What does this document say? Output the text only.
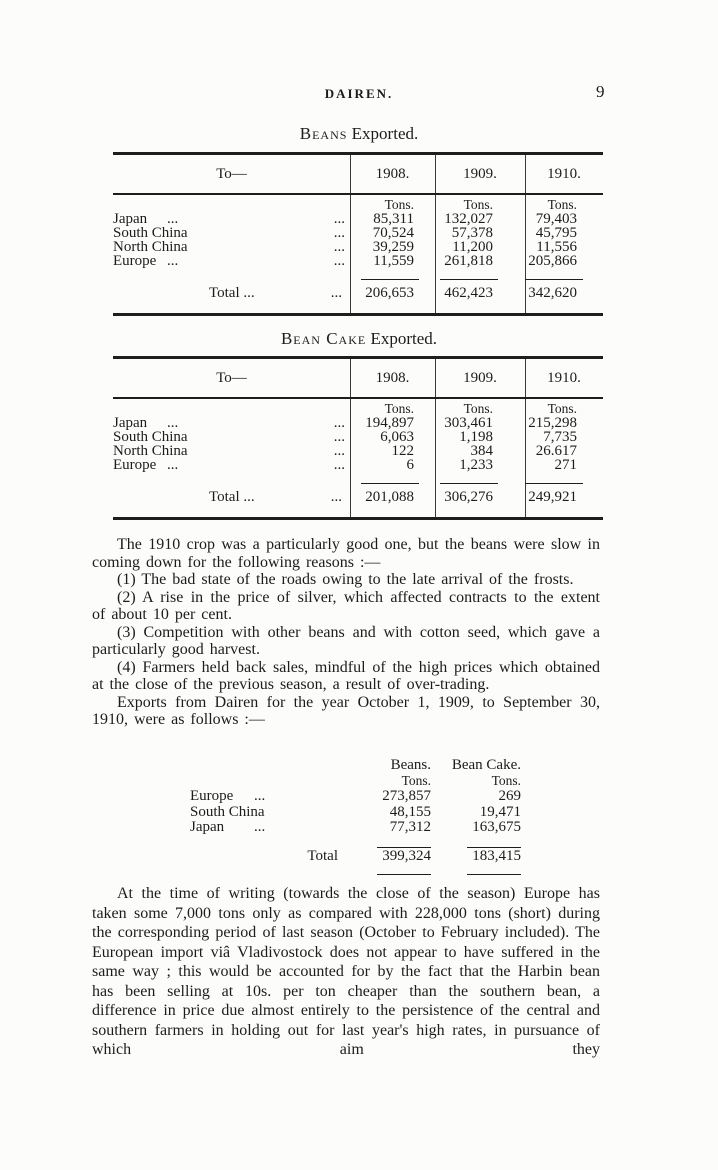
DAIREN.	9
Beans Exported.
To—	1908.	1909.	1910.
Tons.	Tons.	Tons.
Japan	...	...	85,311	132,027	79,403
South China	...	70,524	57,378	45,795
North China	...	39,259	11,200	11,556
Europe ...	...	11,559	261,818	205,866
Total ...	...	206,653	462,423	342,620
Bean Cake Exported.
To—	1908.	1909.	1910.
Tons.	Tons.	Tons.
Japan	...	...	194,897	303,461	215,298
South China	...	6,063	1,198	7,735
North China	...	122	384	26.617
Europe ...	...	6	1,233	271
Total ...	...	201,088	306,276	249,921

The 1910 crop was a particularly good one, but the beans were slow in coming down for the following reasons :—

(1) The bad state of the roads owing to the late arrival of the frosts.

(2) A rise in the price of silver, which affected contracts to the extent of about 10 per cent.

(3) Competition with other beans and with cotton seed, which gave a particularly good harvest.

(4) Farmers held back sales, mindful of the high prices which obtained at the close of the previous season, a result of over-trading.

Exports from Dairen for the year October 1, 1909, to September 30, 1910, were as follows :—

Beans.	Bean Cake.
Tons.	Tons.
Europe	...	273,857	269
South China	48,155	19,471
Japan	...	77,312	163,675
Total	399,324	183,415

At the time of writing (towards the close of the season) Europe has taken some 7,000 tons only as compared with 228,000 tons (short) during the corresponding period of last season (October to February included). The European import viâ Vladivostock does not appear to have suffered in the same way ; this would be accounted for by the fact that the Harbin bean has been selling at 10s. per ton cheaper than the southern bean, a difference in price due almost entirely to the persistence of the central and southern farmers in holding out for last year's high rates, in pursuance of which aim they
